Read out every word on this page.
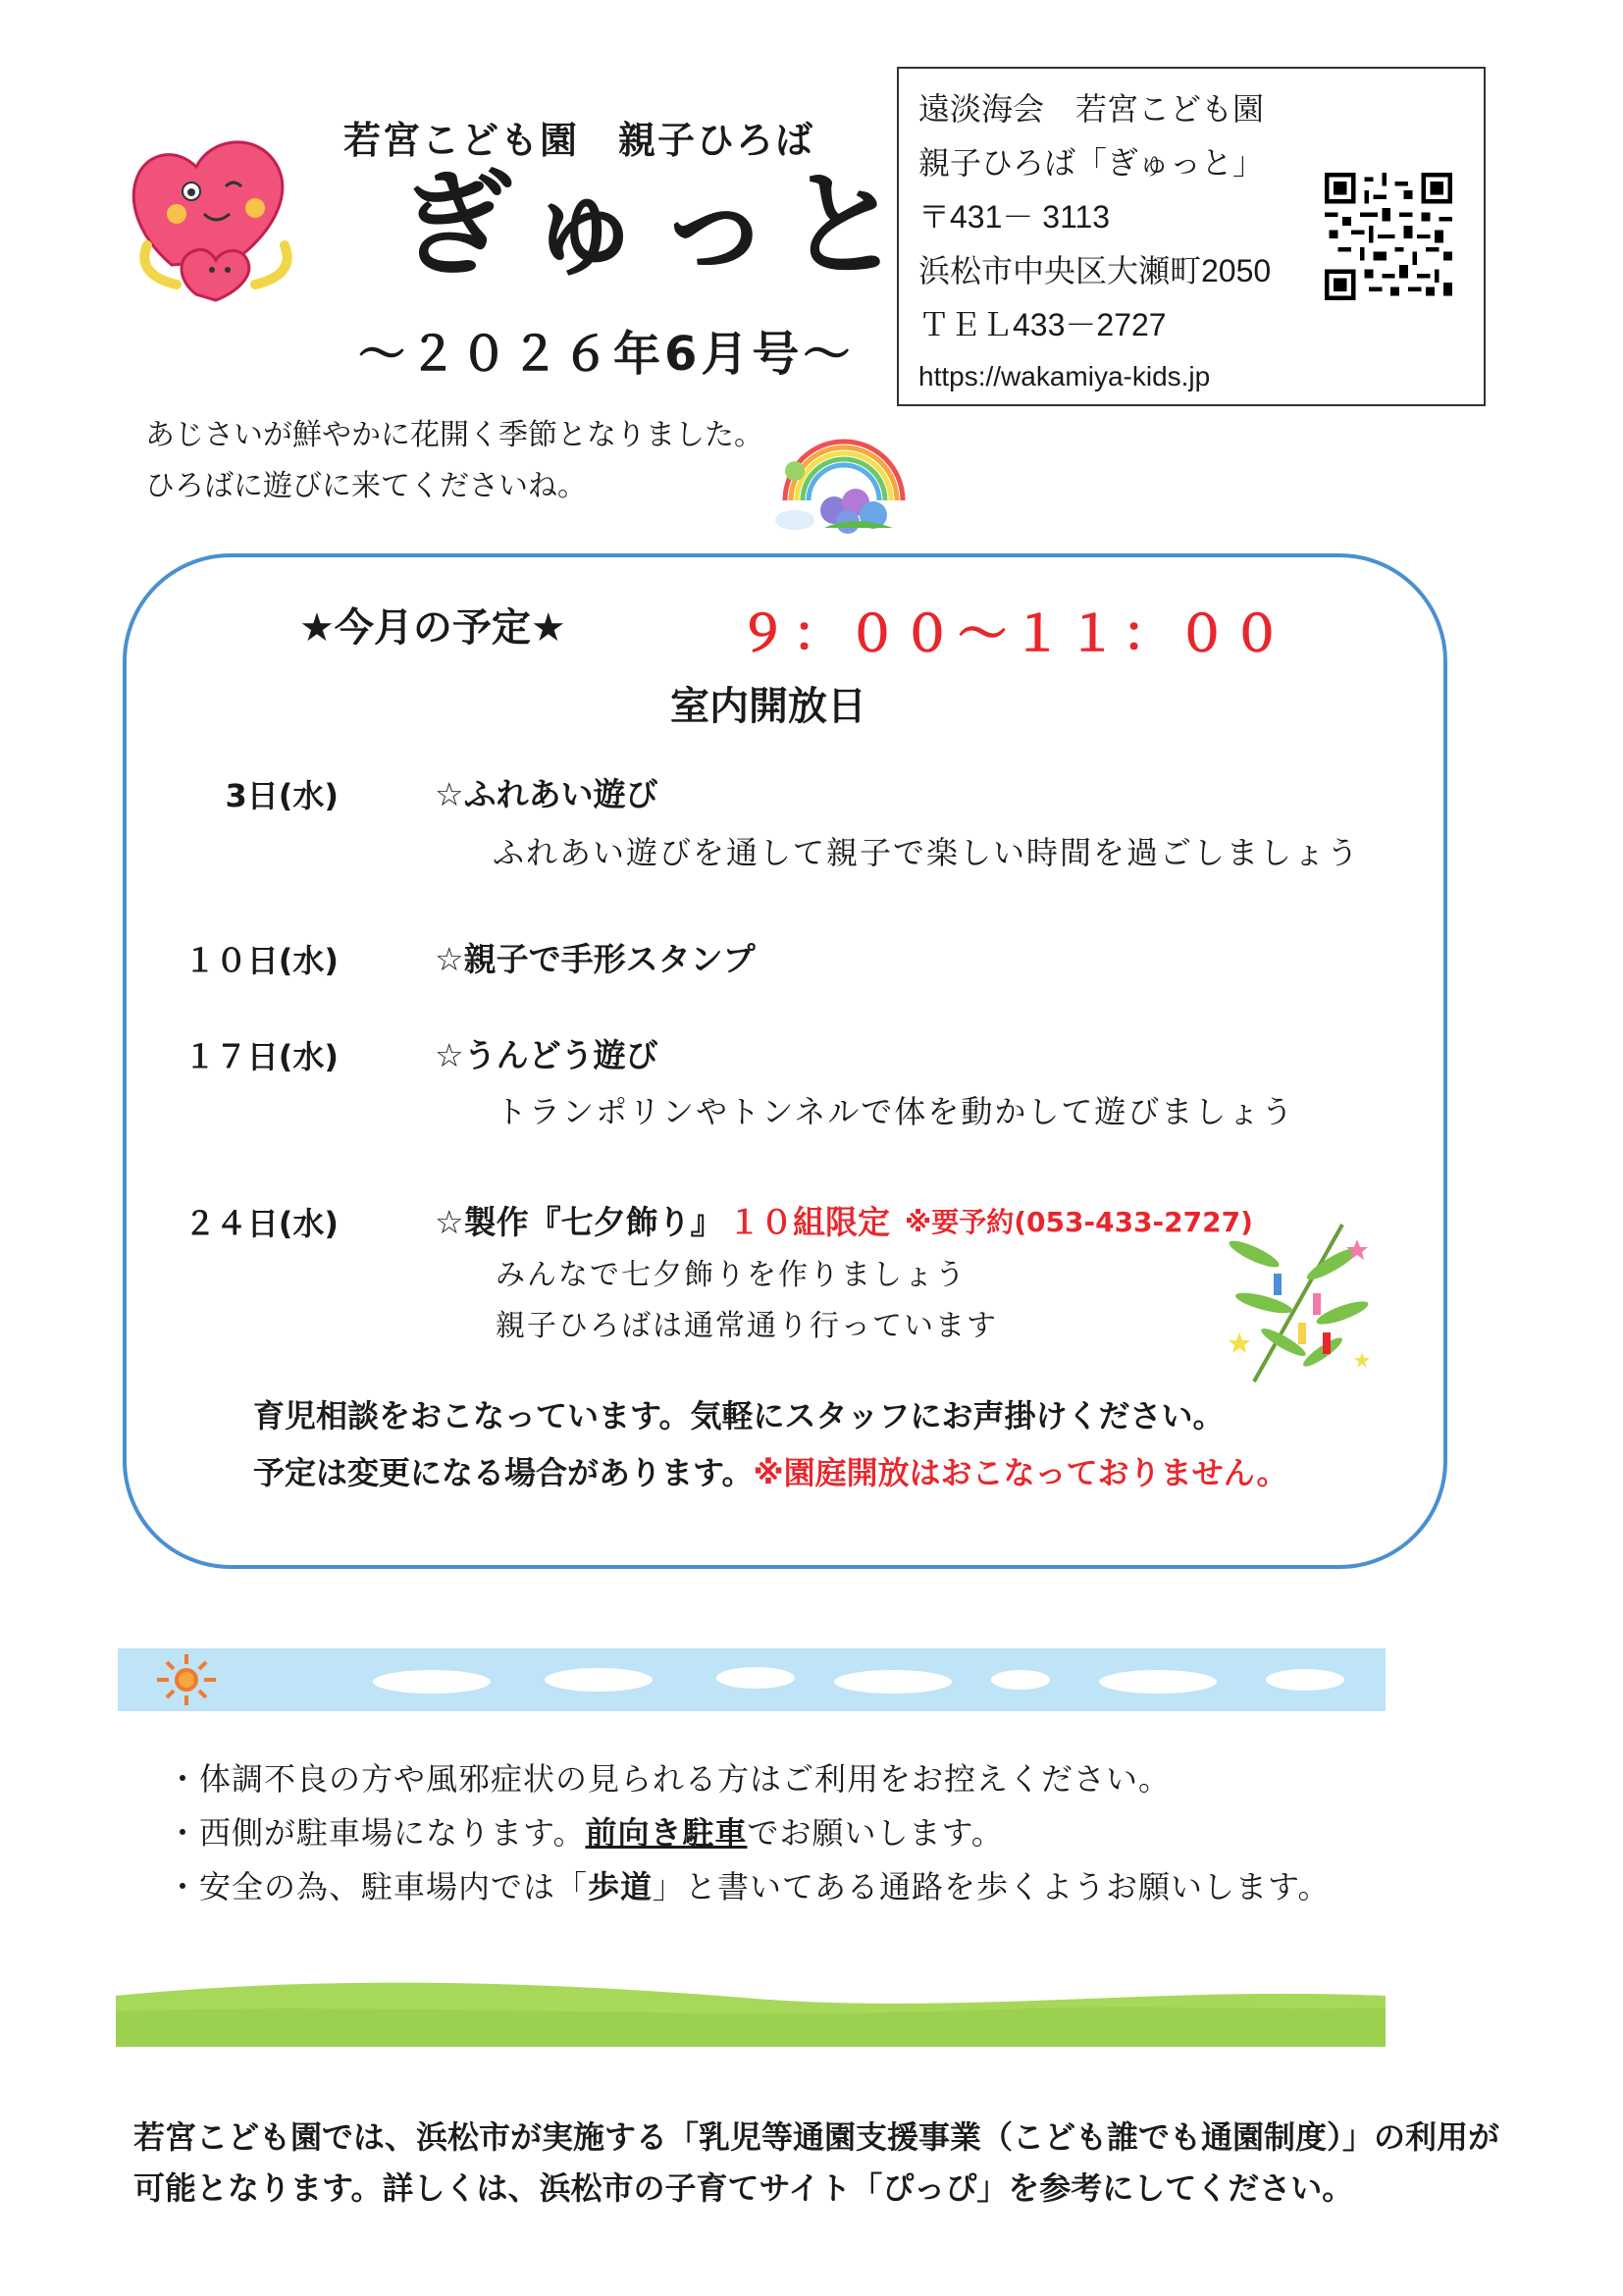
若宮こども園　親子ひろば
ぎゅっと
～２０２６年6月号～
遠淡海会　若宮こども園
親子ひろば「ぎゅっと」
〒431－ 3113
浜松市中央区大瀬町2050
ＴＥＬ433－2727
https://wakamiya-kids.jp
あじさいが鮮やかに花開く季節となりました。
ひろばに遊びに来てくださいね。
★今月の予定★	９：００～１１：００
室内開放日
3日(水)	☆ふれあい遊び
ふれあい遊びを通して親子で楽しい時間を過ごしましょう
１０日(水)	☆親子で手形スタンプ
１７日(水)	☆うんどう遊び
トランポリンやトンネルで体を動かして遊びましょう
２４日(水)	☆製作『七夕飾り』 １０組限定 ※要予約(053-433-2727)
みんなで七夕飾りを作りましょう
親子ひろばは通常通り行っています
育児相談をおこなっています。気軽にスタッフにお声掛けください。
予定は変更になる場合があります。※園庭開放はおこなっておりません。
・体調不良の方や風邪症状の見られる方はご利用をお控えください。
・西側が駐車場になります。前向き駐車でお願いします。
・安全の為、駐車場内では「歩道」と書いてある通路を歩くようお願いします。
若宮こども園では、浜松市が実施する「乳児等通園支援事業（こども誰でも通園制度）」の利用が
可能となります。詳しくは、浜松市の子育てサイト「ぴっぴ」を参考にしてください。
